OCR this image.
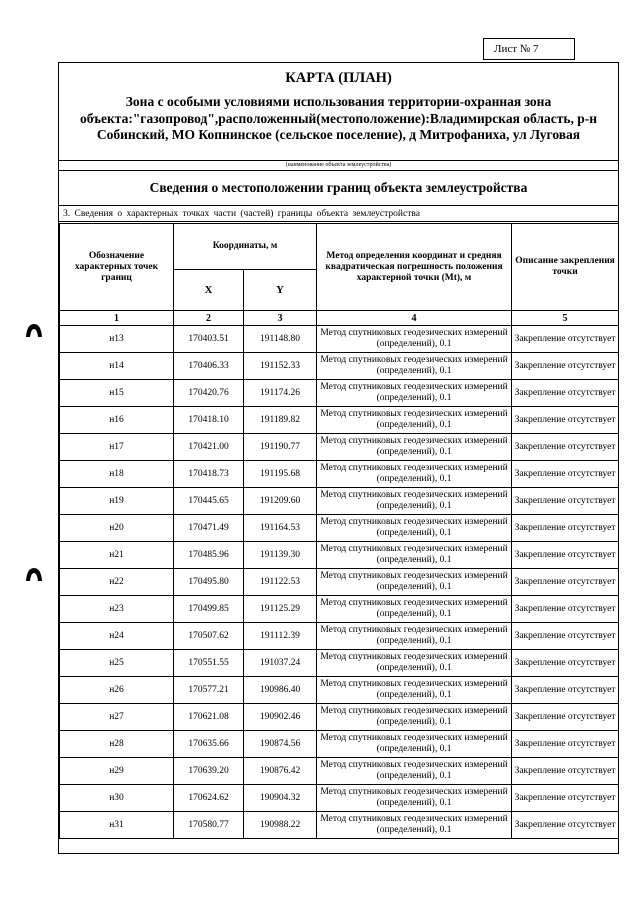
Лист № 7
КАРТА (ПЛАН)
Зона с особыми условиями использования территории-охранная зона объекта:"газопровод",расположенный(местоположение):Владимирская область, р-н Собинский, МО Копнинское (сельское поселение), д Митрофаниха, ул Луговая
(наименование объекта землеустройства)
Сведения о местоположении границ объекта землеустройства
3. Сведения о характерных точках части (частей) границы объекта землеустройства
Обозначение характерных точек границ	Координаты, м		Метод определения координат и средняя квадратическая погрешность положения характерной точки (Mt), м	Описание закрепления точки
	X	Y		
1	2	3	4	5
н13	170403.51	191148.80	Метод спутниковых геодезических измерений (определений), 0.1	Закрепление отсутствует
н14	170406.33	191152.33	Метод спутниковых геодезических измерений (определений), 0.1	Закрепление отсутствует
н15	170420.76	191174.26	Метод спутниковых геодезических измерений (определений), 0.1	Закрепление отсутствует
н16	170418.10	191189.82	Метод спутниковых геодезических измерений (определений), 0.1	Закрепление отсутствует
н17	170421.00	191190.77	Метод спутниковых геодезических измерений (определений), 0.1	Закрепление отсутствует
н18	170418.73	191195.68	Метод спутниковых геодезических измерений (определений), 0.1	Закрепление отсутствует
н19	170445.65	191209.60	Метод спутниковых геодезических измерений (определений), 0.1	Закрепление отсутствует
н20	170471.49	191164.53	Метод спутниковых геодезических измерений (определений), 0.1	Закрепление отсутствует
н21	170485.96	191139.30	Метод спутниковых геодезических измерений (определений), 0.1	Закрепление отсутствует
н22	170495.80	191122.53	Метод спутниковых геодезических измерений (определений), 0.1	Закрепление отсутствует
н23	170499.85	191125.29	Метод спутниковых геодезических измерений (определений), 0.1	Закрепление отсутствует
н24	170507.62	191112.39	Метод спутниковых геодезических измерений (определений), 0.1	Закрепление отсутствует
н25	170551.55	191037.24	Метод спутниковых геодезических измерений (определений), 0.1	Закрепление отсутствует
н26	170577.21	190986.40	Метод спутниковых геодезических измерений (определений), 0.1	Закрепление отсутствует
н27	170621.08	190902.46	Метод спутниковых геодезических измерений (определений), 0.1	Закрепление отсутствует
н28	170635.66	190874.56	Метод спутниковых геодезических измерений (определений), 0.1	Закрепление отсутствует
н29	170639.20	190876.42	Метод спутниковых геодезических измерений (определений), 0.1	Закрепление отсутствует
н30	170624.62	190904.32	Метод спутниковых геодезических измерений (определений), 0.1	Закрепление отсутствует
н31	170580.77	190988.22	Метод спутниковых геодезических измерений (определений), 0.1	Закрепление отсутствует
